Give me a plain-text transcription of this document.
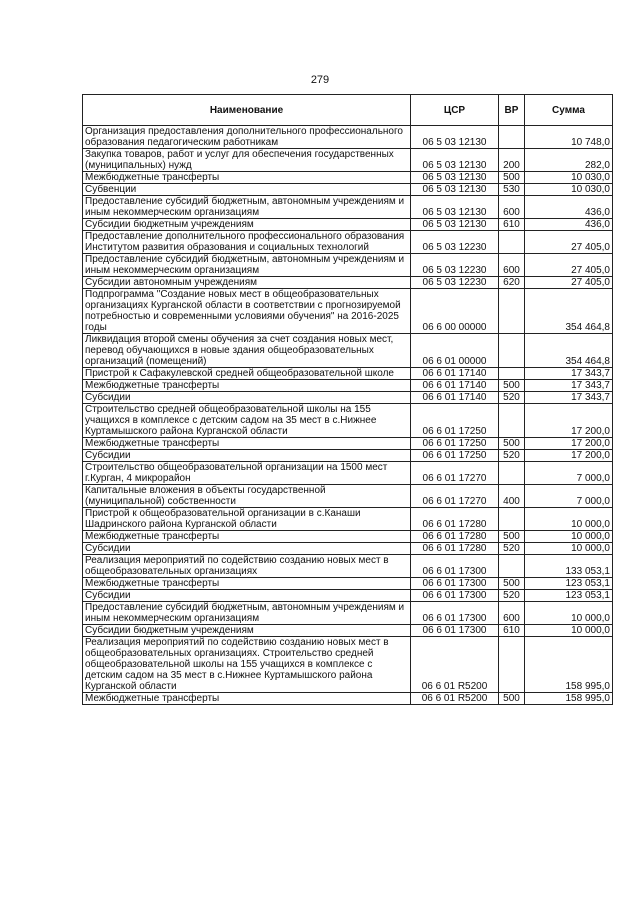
279
Наименование	ЦСР	ВР	Сумма
Организация предоставления дополнительного профессионального образования педагогическим работникам	06 5 03 12130		10 748,0
Закупка товаров, работ и услуг для обеспечения государственных (муниципальных) нужд	06 5 03 12130	200	282,0
Межбюджетные трансферты	06 5 03 12130	500	10 030,0
Субвенции	06 5 03 12130	530	10 030,0
Предоставление субсидий бюджетным, автономным учреждениям и иным некоммерческим организациям	06 5 03 12130	600	436,0
Субсидии бюджетным учреждениям	06 5 03 12130	610	436,0
Предоставление дополнительного профессионального образования Институтом развития образования и социальных технологий	06 5 03 12230		27 405,0
Предоставление субсидий бюджетным, автономным учреждениям и иным некоммерческим организациям	06 5 03 12230	600	27 405,0
Субсидии автономным учреждениям	06 5 03 12230	620	27 405,0
Подпрограмма "Создание новых мест в общеобразовательных организациях Курганской области в соответствии с прогнозируемой потребностью и современными условиями обучения" на 2016-2025 годы	06 6 00 00000		354 464,8
Ликвидация второй смены обучения за счет создания новых мест, перевод обучающихся в новые здания общеобразовательных организаций (помещений)	06 6 01 00000		354 464,8
Пристрой к Сафакулевской средней общеобразовательной школе	06 6 01 17140		17 343,7
Межбюджетные трансферты	06 6 01 17140	500	17 343,7
Субсидии	06 6 01 17140	520	17 343,7
Строительство средней общеобразовательной школы на 155 учащихся в комплексе с детским садом на 35 мест в с.Нижнее Куртамышского района Курганской области	06 6 01 17250		17 200,0
Межбюджетные трансферты	06 6 01 17250	500	17 200,0
Субсидии	06 6 01 17250	520	17 200,0
Строительство общеобразовательной организации на 1500 мест г.Курган, 4 микрорайон	06 6 01 17270		7 000,0
Капитальные вложения в объекты государственной (муниципальной) собственности	06 6 01 17270	400	7 000,0
Пристрой к общеобразовательной организации в с.Канаши Шадринского района Курганской области	06 6 01 17280		10 000,0
Межбюджетные трансферты	06 6 01 17280	500	10 000,0
Субсидии	06 6 01 17280	520	10 000,0
Реализация мероприятий по содействию созданию новых мест в общеобразовательных организациях	06 6 01 17300		133 053,1
Межбюджетные трансферты	06 6 01 17300	500	123 053,1
Субсидии	06 6 01 17300	520	123 053,1
Предоставление субсидий бюджетным, автономным учреждениям и иным некоммерческим организациям	06 6 01 17300	600	10 000,0
Субсидии бюджетным учреждениям	06 6 01 17300	610	10 000,0
Реализация мероприятий по содействию созданию новых мест в общеобразовательных организациях. Строительство средней общеобразовательной школы на 155 учащихся в комплексе с детским садом на 35 мест в с.Нижнее Куртамышского района Курганской области	06 6 01 R5200		158 995,0
Межбюджетные трансферты	06 6 01 R5200	500	158 995,0
